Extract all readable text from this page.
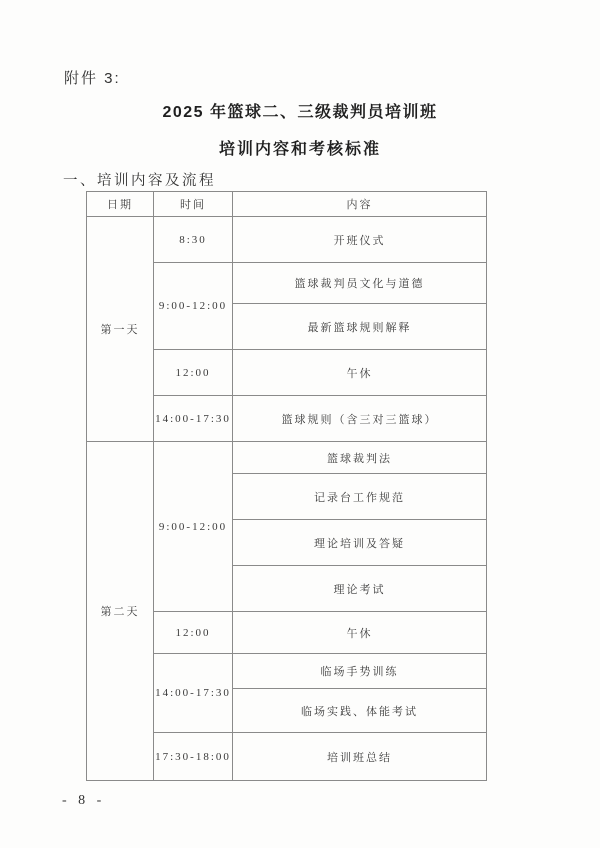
附件 3:
2025 年篮球二、三级裁判员培训班
培训内容和考核标准
一、培训内容及流程
日期	时间	内容
第一天	8:30	开班仪式
	9:00-12:00	篮球裁判员文化与道德
		最新篮球规则解释
	12:00	午休
	14:00-17:30	篮球规则（含三对三篮球）
第二天	9:00-12:00	篮球裁判法
		记录台工作规范
		理论培训及答疑
		理论考试
	12:00	午休
	14:00-17:30	临场手势训练
		临场实践、体能考试
	17:30-18:00	培训班总结
- 8 -
